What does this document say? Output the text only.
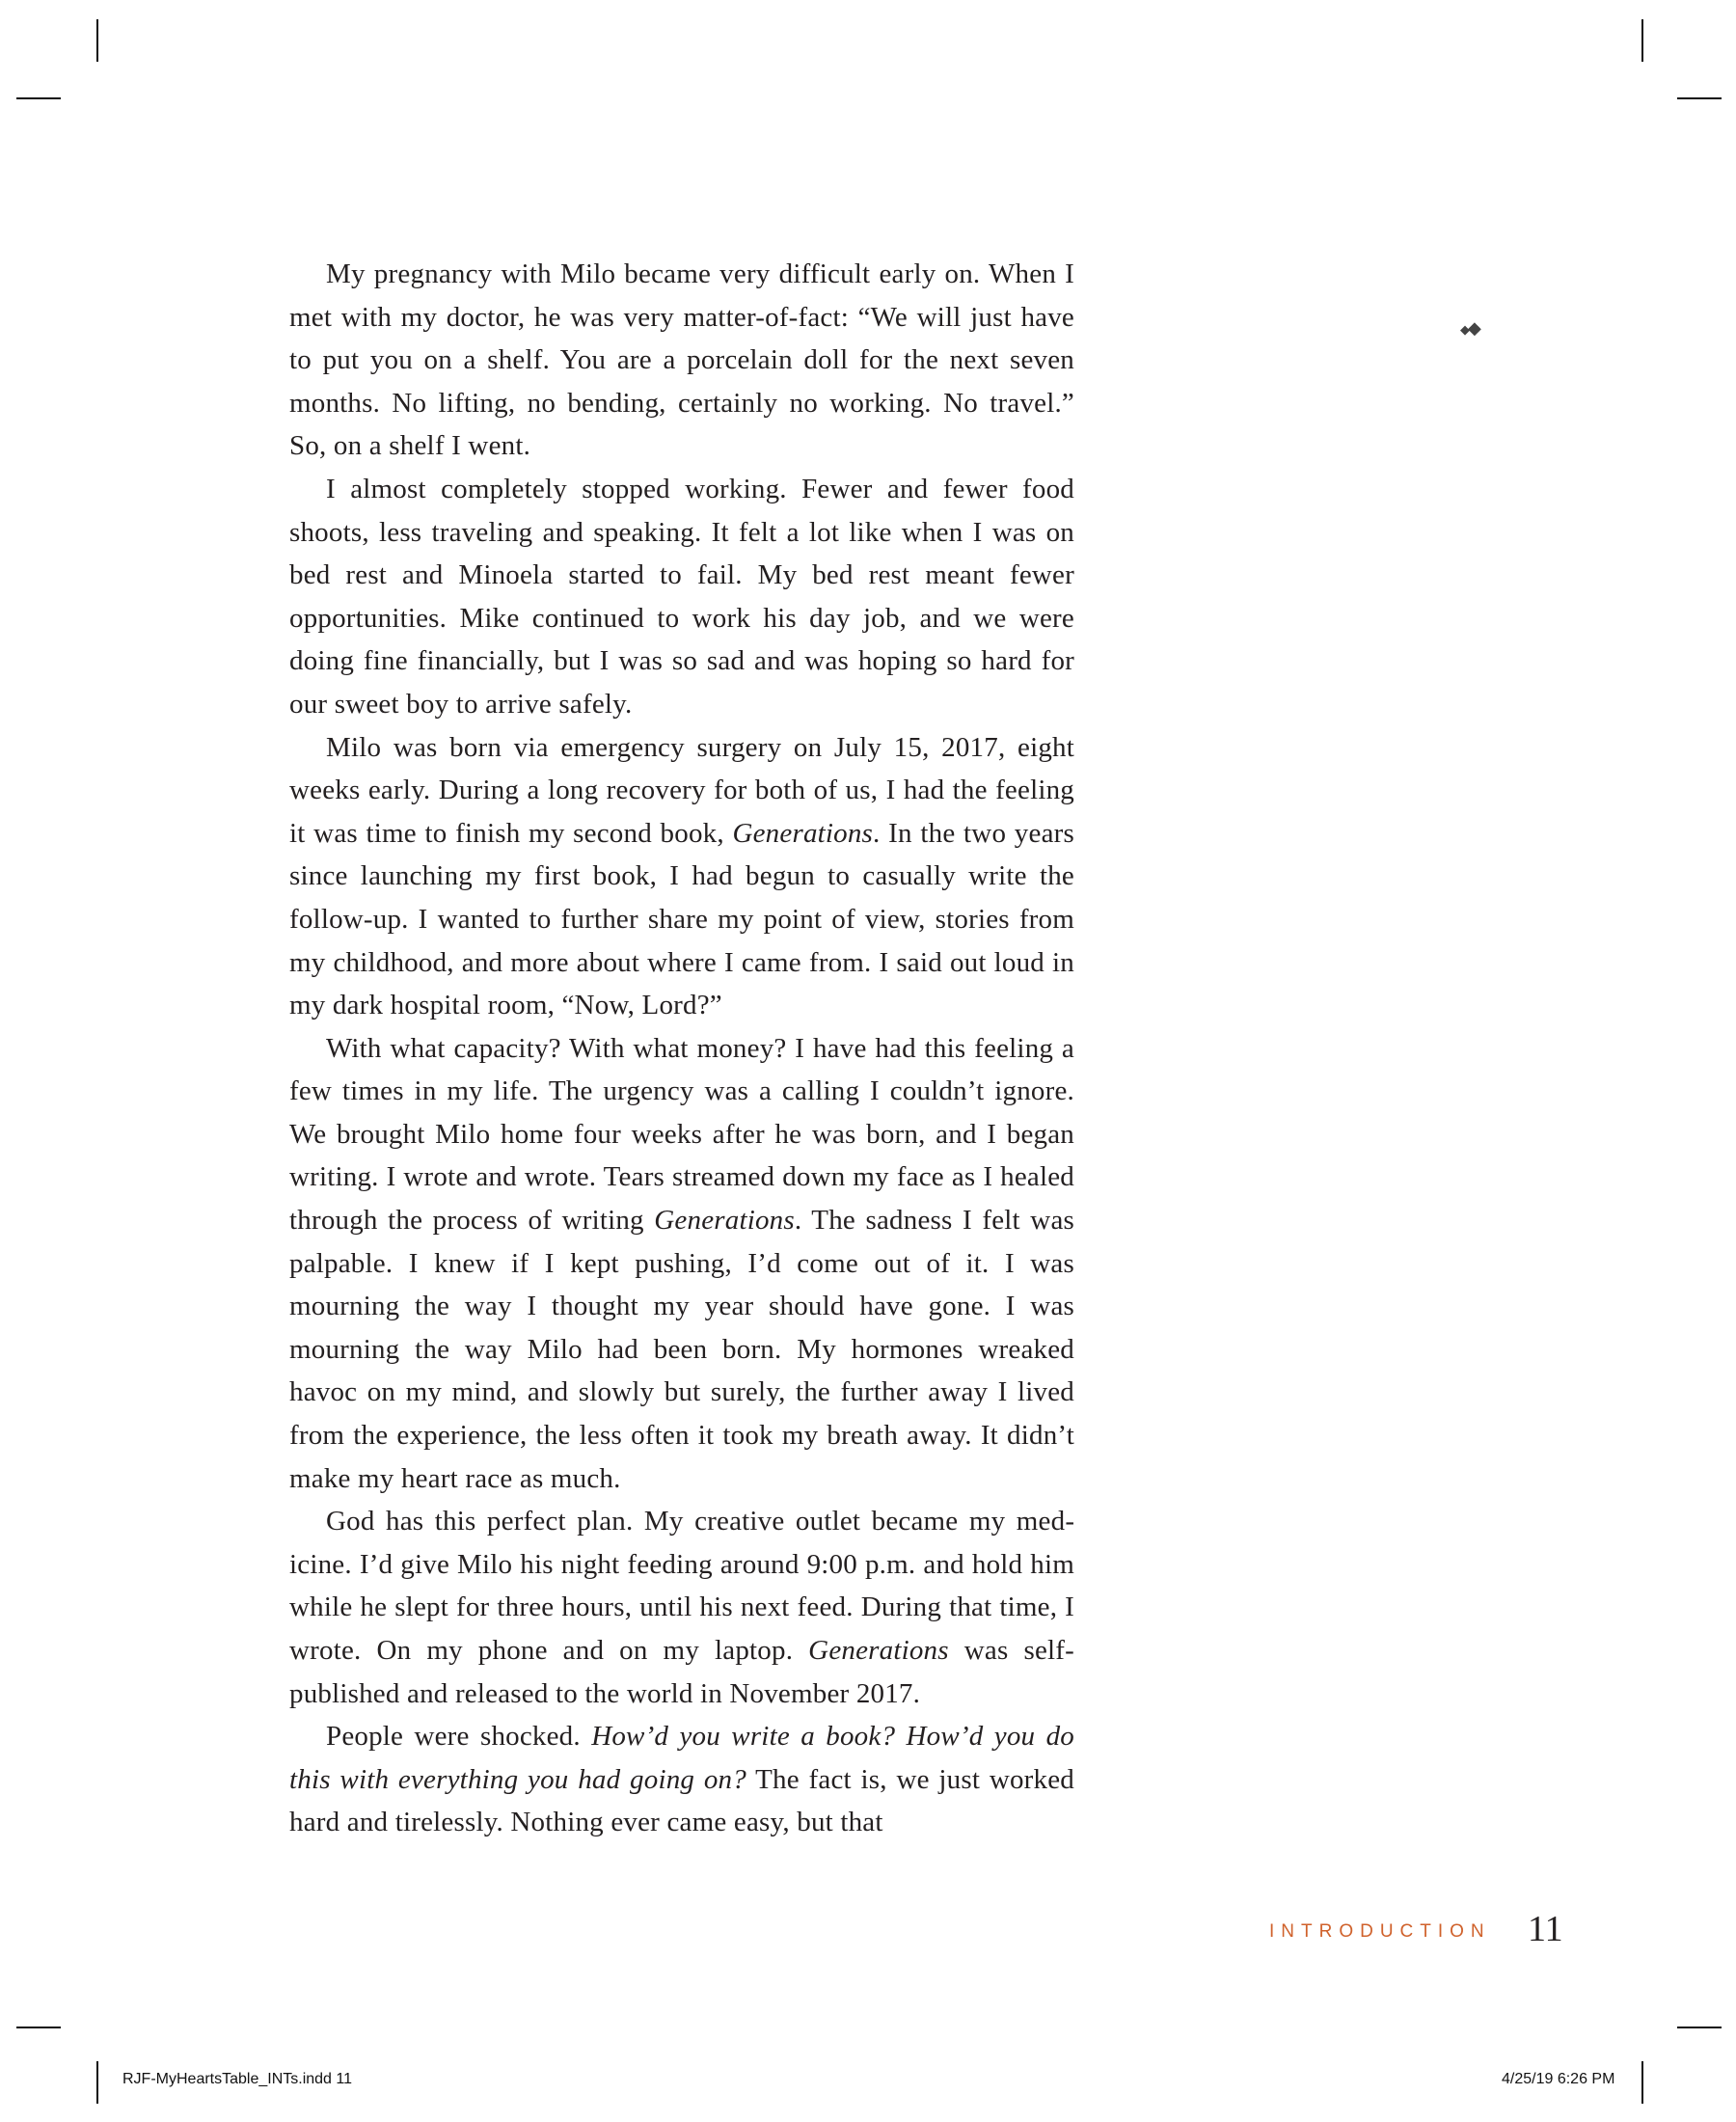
My pregnancy with Milo became very difficult early on. When I met with my doctor, he was very matter-of-fact: “We will just have to put you on a shelf. You are a porcelain doll for the next seven months. No lifting, no bending, certainly no working. No travel.” So, on a shelf I went.

I almost completely stopped working. Fewer and fewer food shoots, less traveling and speaking. It felt a lot like when I was on bed rest and Minoela started to fail. My bed rest meant fewer opportunities. Mike continued to work his day job, and we were doing fine financially, but I was so sad and was hoping so hard for our sweet boy to arrive safely.

Milo was born via emergency surgery on July 15, 2017, eight weeks early. During a long recovery for both of us, I had the feeling it was time to finish my second book, Generations. In the two years since launching my first book, I had begun to casually write the follow-up. I wanted to further share my point of view, stories from my childhood, and more about where I came from. I said out loud in my dark hospital room, “Now, Lord?”

With what capacity? With what money? I have had this feeling a few times in my life. The urgency was a calling I couldn’t ignore. We brought Milo home four weeks after he was born, and I began writing. I wrote and wrote. Tears streamed down my face as I healed through the process of writing Generations. The sadness I felt was palpable. I knew if I kept pushing, I’d come out of it. I was mourning the way I thought my year should have gone. I was mourning the way Milo had been born. My hormones wreaked havoc on my mind, and slowly but surely, the further away I lived from the experience, the less often it took my breath away. It didn’t make my heart race as much.

God has this perfect plan. My creative outlet became my medicine. I’d give Milo his night feeding around 9:00 p.m. and hold him while he slept for three hours, until his next feed. During that time, I wrote. On my phone and on my laptop. Generations was self-published and released to the world in November 2017.

People were shocked. How’d you write a book? How’d you do this with everything you had going on? The fact is, we just worked hard and tirelessly. Nothing ever came easy, but that

◆◆
INTRODUCTION 11
RJF-MyHeartsTable_INTs.indd 11	4/25/19 6:26 PM
